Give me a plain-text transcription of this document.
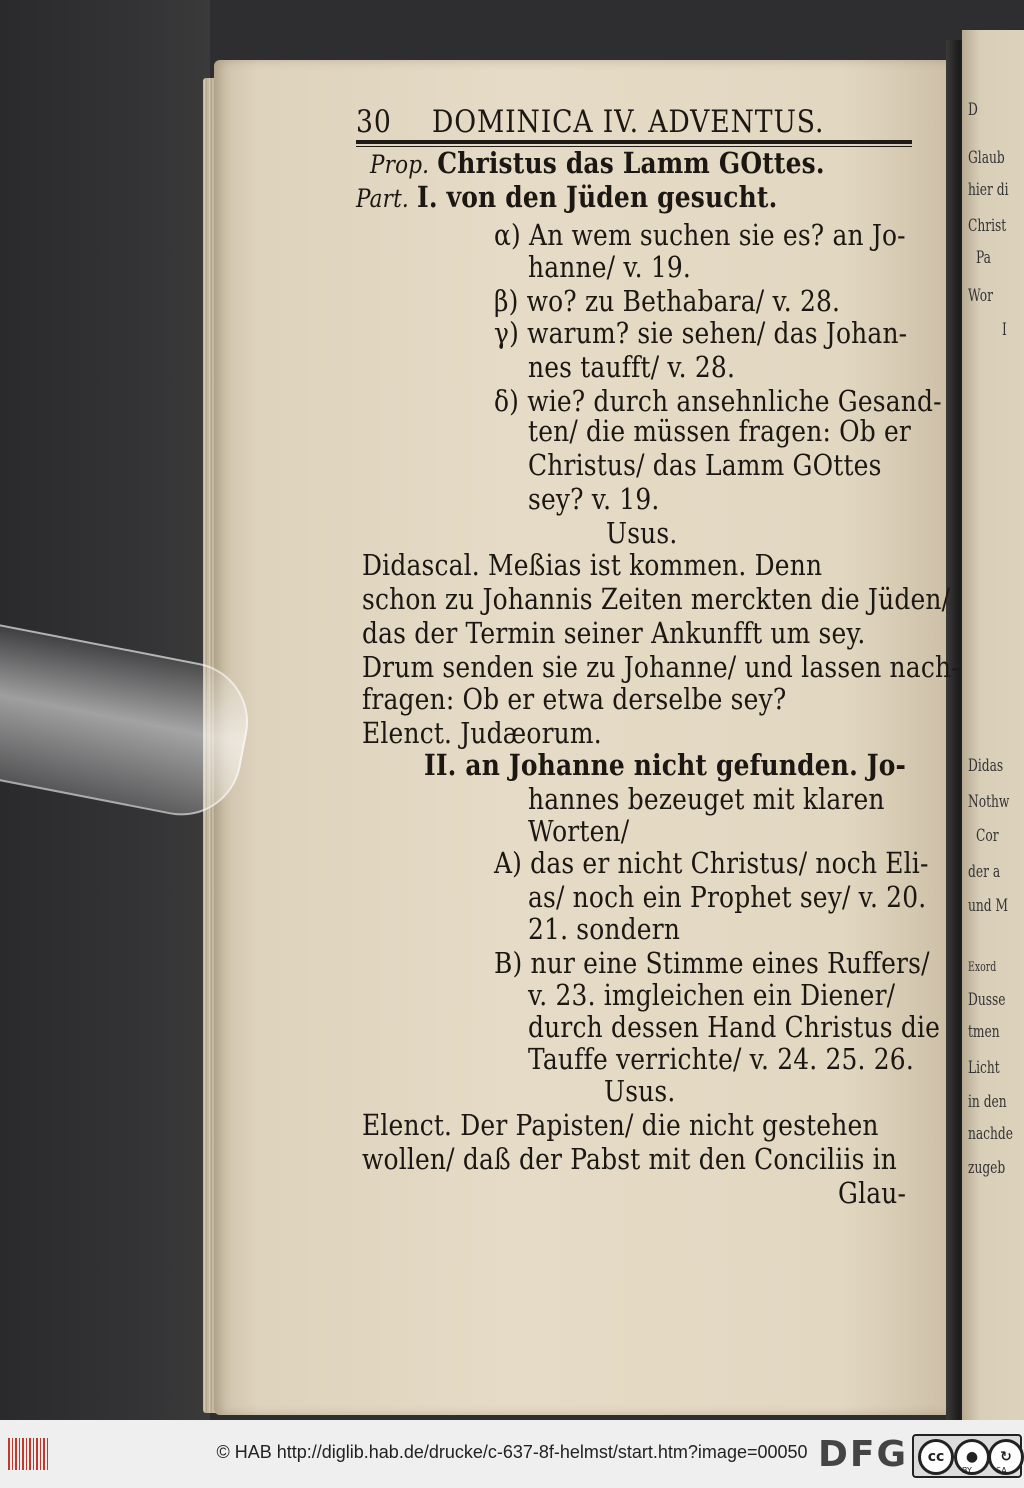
D
Glaub
hier di
Christ
Pa
Wor
I
Didas
Nothw
Cor
der a
und M
Exord
Dusse
tmen
Licht
in den
nachde
zugeb
30 DOMINICA IV. ADVENTUS.
Prop. Christus das Lamm GOttes.
Part. I. von den Jüden gesucht.
α) An wem suchen sie es? an Jo-
hanne/ v. 19.
β) wo? zu Bethabara/ v. 28.
γ) warum? sie sehen/ das Johan-
nes taufft/ v. 28.
δ) wie? durch ansehnliche Gesand-
ten/ die müssen fragen: Ob er
Christus/ das Lamm GOttes
sey? v. 19.
Usus.
Didascal. Meßias ist kommen. Denn
schon zu Johannis Zeiten merckten die Jüden/
das der Termin seiner Ankunfft um sey.
Drum senden sie zu Johanne/ und lassen nach-
fragen: Ob er etwa derselbe sey?
Elenct. Judæorum.
II. an Johanne nicht gefunden. Jo-
hannes bezeuget mit klaren
Worten/
A) das er nicht Christus/ noch Eli-
as/ noch ein Prophet sey/ v. 20.
21. sondern
B) nur eine Stimme eines Ruffers/
v. 23. imgleichen ein Diener/
durch dessen Hand Christus die
Tauffe verrichte/ v. 24. 25. 26.
Usus.
Elenct. Der Papisten/ die nicht gestehen
wollen/ daß der Pabst mit den Conciliis in
Glau-
© HAB http://diglib.hab.de/drucke/c-637-8f-helmst/start.htm?image=00050 DFG	cc	●	↻
BY	SA
